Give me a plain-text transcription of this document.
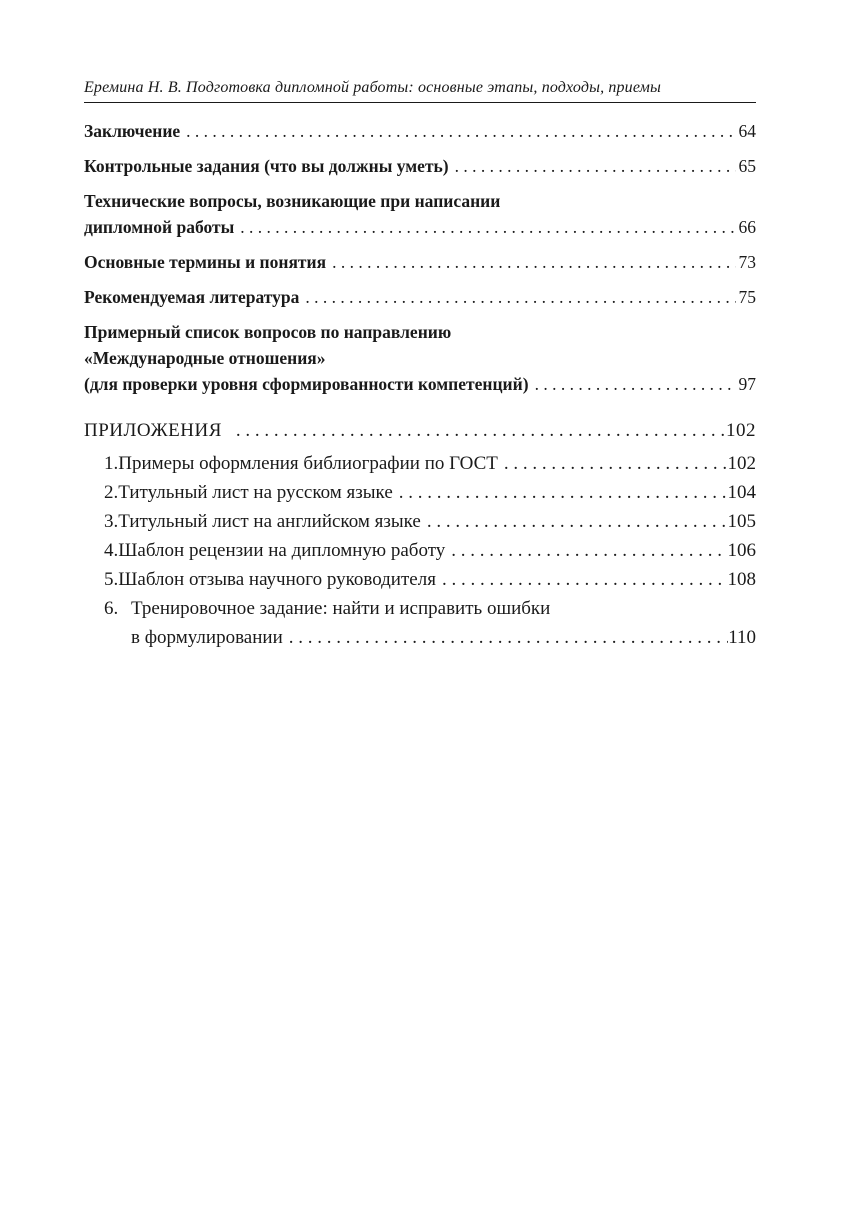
Еремина Н. В. Подготовка дипломной работы: основные этапы, подходы, приемы
Заключение . . .	64
Контрольные задания (что вы должны уметь) . . .	65
Технические вопросы, возникающие при написании
дипломной работы . . .	66
Основные термины и понятия . . .	73
Рекомендуемая литература . . .	75
Примерный список вопросов по направлению
«Международные отношения»
(для проверки уровня сформированности компетенций) . . .	97
ПРИЛОЖЕНИЯ . . .	102
1. Примеры оформления библиографии по ГОСТ . . .	102
2. Титульный лист на русском языке . . .	104
3. Титульный лист на английском языке . . .	105
4. Шаблон рецензии на дипломную работу . . .	106
5. Шаблон отзыва научного руководителя . . .	108
6. Тренировочное задание: найти и исправить ошибки
в формулировании . . .	110
